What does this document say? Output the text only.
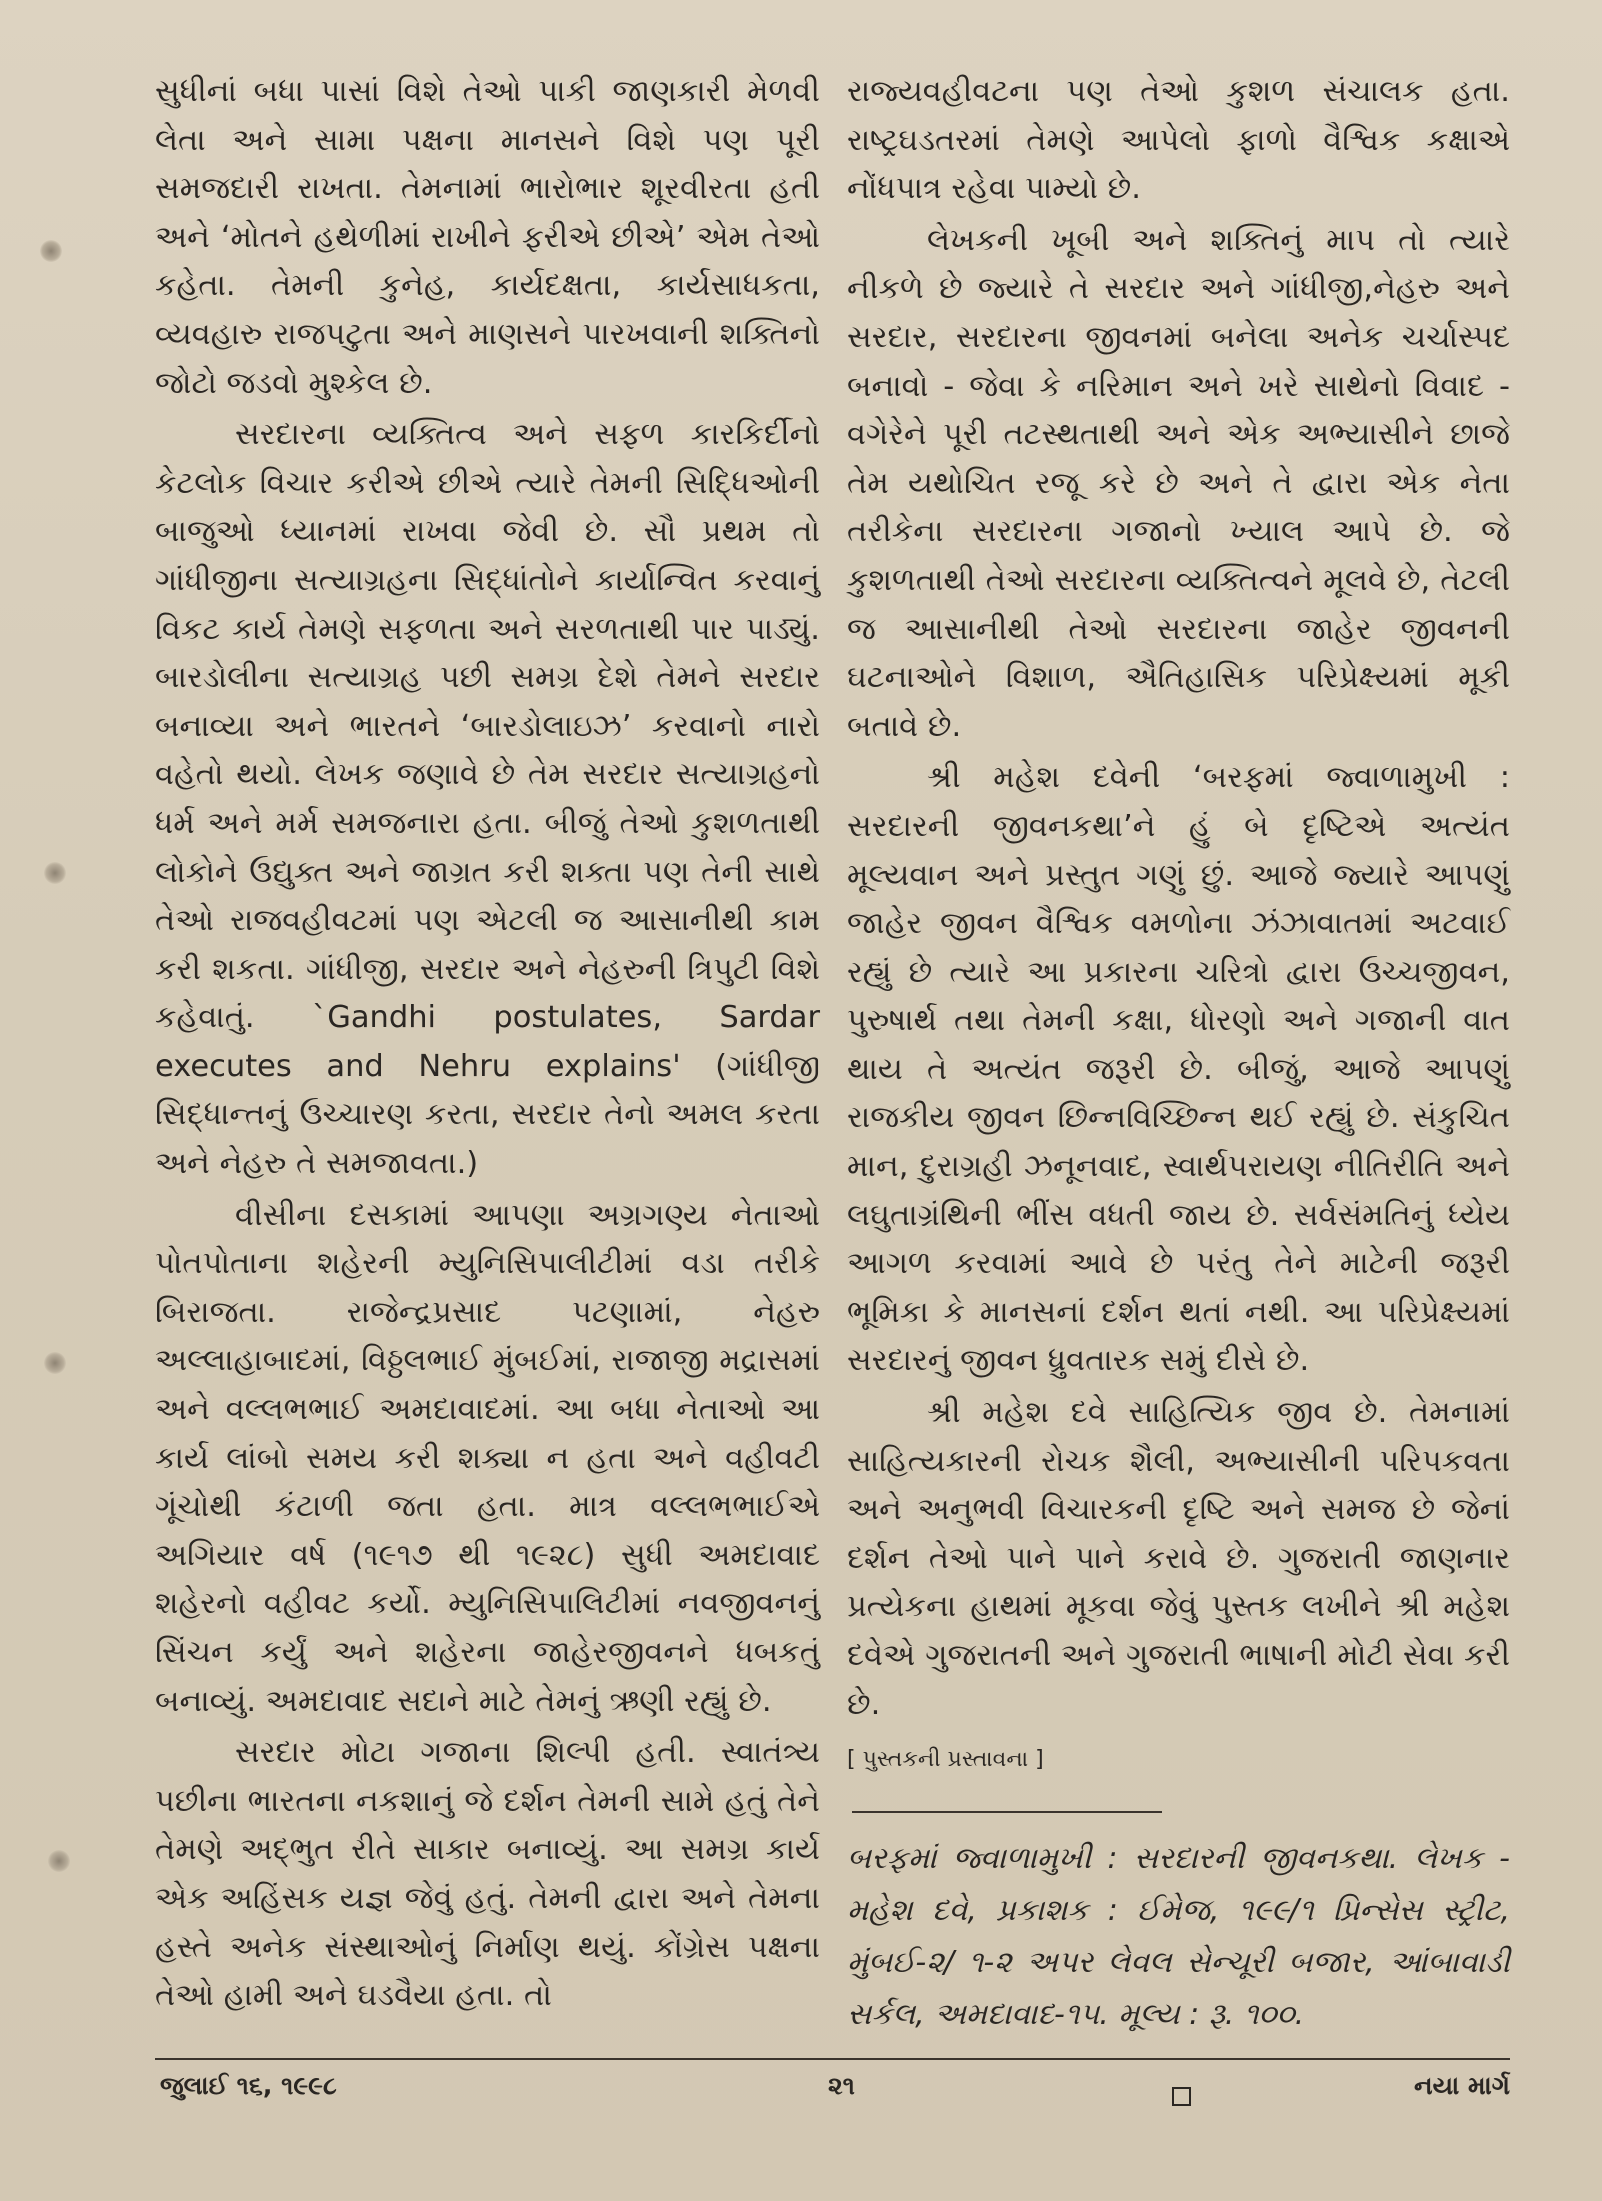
સુધીનાં બધા પાસાં વિશે તેઓ પાકી જાણકારી મેળવી લેતા અને સામા પક્ષના માનસને વિશે પણ પૂરી સમજદારી રાખતા. તેમનામાં ભારોભાર શૂરવીરતા હતી અને ‘મોતને હથેળીમાં રાખીને ફરીએ છીએ’ એમ તેઓ કહેતા. તેમની કુનેહ, કાર્યદક્ષતા, કાર્યસાધકતા, વ્યવહારુ રાજપટુતા અને માણસને પારખવાની શક્તિનો જોટો જડવો મુશ્કેલ છે.

સરદારના વ્યક્તિત્વ અને સફળ કારકિર્દીનો કેટલોક વિચાર કરીએ છીએ ત્યારે તેમની સિદ્ધિઓની બાજુઓ ધ્યાનમાં રાખવા જેવી છે. સૌ પ્રથમ તો ગાંધીજીના સત્યાગ્રહના સિદ્ધાંતોને કાર્યાન્વિત કરવાનું વિકટ કાર્ય તેમણે સફળતા અને સરળતાથી પાર પાડ્યું. બારડોલીના સત્યાગ્રહ પછી સમગ્ર દેશે તેમને સરદાર બનાવ્યા અને ભારતને ‘બારડોલાઇઝ’ કરવાનો નારો વહેતો થયો. લેખક જણાવે છે તેમ સરદાર સત્યાગ્રહનો ધર્મ અને મર્મ સમજનારા હતા. બીજું તેઓ કુશળતાથી લોકોને ઉદ્યુક્ત અને જાગ્રત કરી શક્તા પણ તેની સાથે તેઓ રાજવહીવટમાં પણ એટલી જ આસાનીથી કામ કરી શકતા. ગાંધીજી, સરદાર અને નેહરુની ત્રિપુટી વિશે કહેવાતું. `Gandhi postulates, Sardar executes and Nehru explains' (ગાંધીજી સિદ્ધાન્તનું ઉચ્ચારણ કરતા, સરદાર તેનો અમલ કરતા અને નેહરુ તે સમજાવતા.)

વીસીના દસકામાં આપણા અગ્રગણ્ય નેતાઓ પોતપોતાના શહેરની મ્યુનિસિપાલીટીમાં વડા તરીકે બિરાજતા. રાજેન્દ્રપ્રસાદ પટણામાં, નેહરુ અલ્લાહાબાદમાં, વિઠ્ઠલભાઈ મુંબઈમાં, રાજાજી મદ્રાસમાં અને વલ્લભભાઈ અમદાવાદમાં. આ બધા નેતાઓ આ કાર્ય લાંબો સમય કરી શક્યા ન હતા અને વહીવટી ગૂંચોથી કંટાળી જતા હતા. માત્ર વલ્લભભાઈએ અગિયાર વર્ષ (૧૯૧૭ થી ૧૯૨૮) સુધી અમદાવાદ શહેરનો વહીવટ કર્યો. મ્યુનિસિપાલિટીમાં નવજીવનનું સિંચન કર્યું અને શહેરના જાહેરજીવનને ધબકતું બનાવ્યું. અમદાવાદ સદાને માટે તેમનું ઋણી રહ્યું છે.

સરદાર મોટા ગજાના શિલ્પી હતી. સ્વાતંત્ર્ય પછીના ભારતના નકશાનું જે દર્શન તેમની સામે હતું તેને તેમણે અદ્ભુત રીતે સાકાર બનાવ્યું. આ સમગ્ર કાર્ય એક અહિંસક યજ્ઞ જેવું હતું. તેમની દ્વારા અને તેમના હસ્તે અનેક સંસ્થાઓનું નિર્માણ થયું. કોંગ્રેસ પક્ષના તેઓ હામી અને ઘડવૈયા હતા. તો

રાજ્યવહીવટના પણ તેઓ કુશળ સંચાલક હતા. રાષ્ટ્રઘડતરમાં તેમણે આપેલો ફાળો વૈશ્વિક કક્ષાએ નોંધપાત્ર રહેવા પામ્યો છે.

લેખકની ખૂબી અને શક્તિનું માપ તો ત્યારે નીકળે છે જ્યારે તે સરદાર અને ગાંધીજી,નેહરુ અને સરદાર, સરદારના જીવનમાં બનેલા અનેક ચર્ચાસ્પદ બનાવો - જેવા કે નરિમાન અને ખરે સાથેનો વિવાદ - વગેરેને પૂરી તટસ્થતાથી અને એક અભ્યાસીને છાજે તેમ યથોચિત રજૂ કરે છે અને તે દ્વારા એક નેતા તરીકેના સરદારના ગજાનો ખ્યાલ આપે છે. જે કુશળતાથી તેઓ સરદારના વ્યક્તિત્વને મૂલવે છે, તેટલી જ આસાનીથી તેઓ સરદારના જાહેર જીવનની ઘટનાઓને વિશાળ, ઐતિહાસિક પરિપ્રેક્ષ્યમાં મૂકી બતાવે છે.

શ્રી મહેશ દવેની ‘બરફમાં જ્વાળામુખી : સરદારની જીવનકથા’ને હું બે દૃષ્ટિએ અત્યંત મૂલ્યવાન અને પ્રસ્તુત ગણું છું. આજે જ્યારે આપણું જાહેર જીવન વૈશ્વિક વમળોના ઝંઝાવાતમાં અટવાઈ રહ્યું છે ત્યારે આ પ્રકારના ચરિત્રો દ્વારા ઉચ્ચજીવન, પુરુષાર્થ તથા તેમની કક્ષા, ધોરણો અને ગજાની વાત થાય તે અત્યંત જરૂરી છે. બીજું, આજે આપણું રાજકીય જીવન છિન્નવિચ્છિન્ન થઈ રહ્યું છે. સંકુચિત માન, દુરાગ્રહી ઝનૂનવાદ, સ્વાર્થપરાયણ નીતિરીતિ અને લઘુતાગ્રંથિની ભીંસ વધતી જાય છે. સર્વસંમતિનું ધ્યેય આગળ કરવામાં આવે છે પરંતુ તેને માટેની જરૂરી ભૂમિકા કે માનસનાં દર્શન થતાં નથી. આ પરિપ્રેક્ષ્યમાં સરદારનું જીવન ધ્રુવતારક સમું દીસે છે.

શ્રી મહેશ દવે સાહિત્યિક જીવ છે. તેમનામાં સાહિત્યકારની રોચક શૈલી, અભ્યાસીની પરિપકવતા અને અનુભવી વિચારકની દૃષ્ટિ અને સમજ છે જેનાં દર્શન તેઓ પાને પાને કરાવે છે. ગુજરાતી જાણનાર પ્રત્યેકના હાથમાં મૂકવા જેવું પુસ્તક લખીને શ્રી મહેશ દવેએ ગુજરાતની અને ગુજરાતી ભાષાની મોટી સેવા કરી છે.

[ પુસ્તકની પ્રસ્તાવના ]

બરફમાં જ્વાળામુખી : સરદારની જીવનકથા. લેખક - મહેશ દવે, પ્રકાશક : ઈમેજ, ૧૯૯/૧ પ્રિન્સેસ સ્ટ્રીટ, મુંબઈ-૨/ ૧-૨ અપર લેવલ સેન્ચૂરી બજાર, આંબાવાડી સર્કલ, અમદાવાદ-૧૫. મૂલ્ય : રૂ. ૧૦૦.

જુલાઈ ૧૬, ૧૯૯૮	૨૧	નયા માર્ગ
